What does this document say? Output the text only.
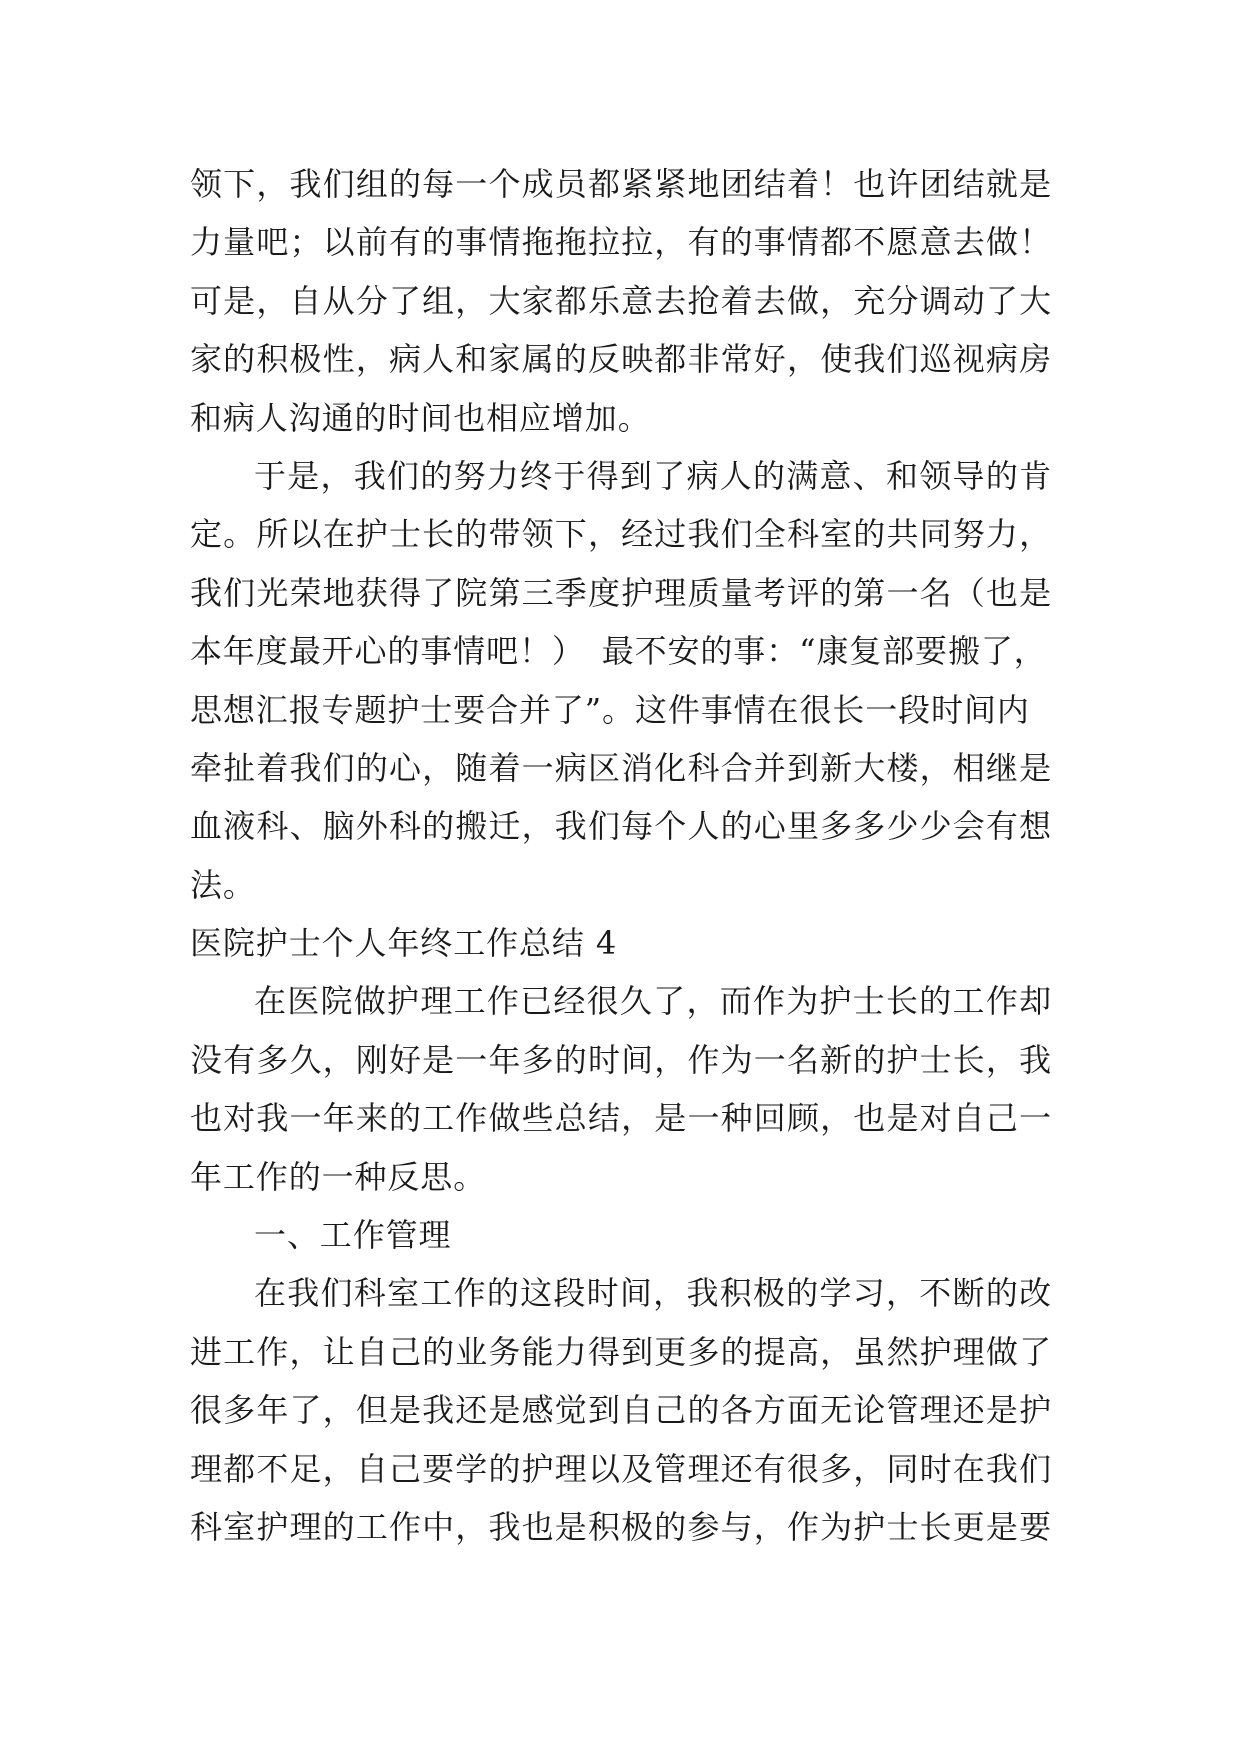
领下，我们组的每一个成员都紧紧地团结着！也许团结就是
力量吧；以前有的事情拖拖拉拉，有的事情都不愿意去做！
可是，自从分了组，大家都乐意去抢着去做，充分调动了大
家的积极性，病人和家属的反映都非常好，使我们巡视病房
和病人沟通的时间也相应增加。
于是，我们的努力终于得到了病人的满意、和领导的肯
定。所以在护士长的带领下，经过我们全科室的共同努力，
我们光荣地获得了院第三季度护理质量考评的第一名（也是
本年度最开心的事情吧！）　最不安的事：“康复部要搬了，
思想汇报专题护士要合并了”。这件事情在很长一段时间内
牵扯着我们的心，随着一病区消化科合并到新大楼，相继是
血液科、脑外科的搬迁，我们每个人的心里多多少少会有想
法。
医院护士个人年终工作总结 4
在医院做护理工作已经很久了，而作为护士长的工作却
没有多久，刚好是一年多的时间，作为一名新的护士长，我
也对我一年来的工作做些总结，是一种回顾，也是对自己一
年工作的一种反思。
一、工作管理
在我们科室工作的这段时间，我积极的学习，不断的改
进工作，让自己的业务能力得到更多的提高，虽然护理做了
很多年了，但是我还是感觉到自己的各方面无论管理还是护
理都不足，自己要学的护理以及管理还有很多，同时在我们
科室护理的工作中，我也是积极的参与，作为护士长更是要
